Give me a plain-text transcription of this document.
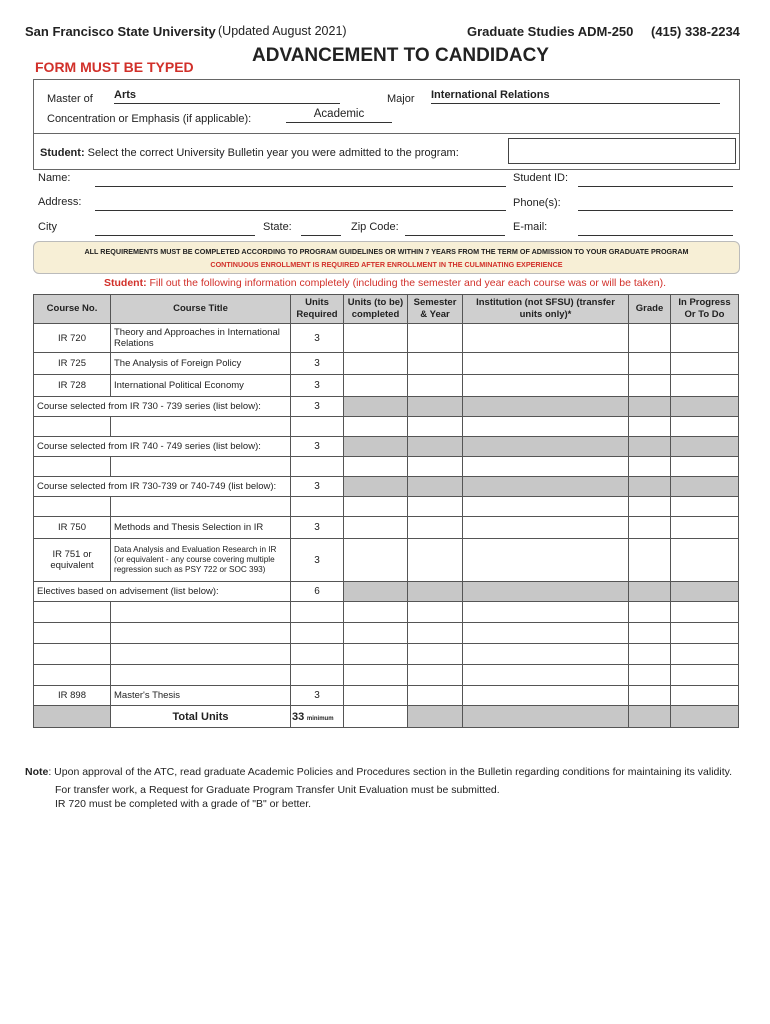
San Francisco State University (Updated August 2021)	Graduate Studies ADM-250 (415) 338-2234
FORM MUST BE TYPED
ADVANCEMENT TO CANDIDACY
Master of Arts	Major International Relations
Concentration or Emphasis (if applicable):	Academic
Student: Select the correct University Bulletin year you were admitted to the program:
Name:	Student ID:
Address:	Phone(s):
City	State:	Zip Code:	E-mail:
ALL REQUIREMENTS MUST BE COMPLETED ACCORDING TO PROGRAM GUIDELINES OR WITHIN 7 YEARS FROM THE TERM OF ADMISSION TO YOUR GRADUATE PROGRAM
CONTINUOUS ENROLLMENT IS REQUIRED AFTER ENROLLMENT IN THE CULMINATING EXPERIENCE
Student: Fill out the following information completely (including the semester and year each course was or will be taken).
Course No.	Course Title	Units Required	Units (to be) completed	Semester & Year	Institution (not SFSU) (transfer units only)*	Grade	In Progress Or To Do
IR 720	Theory and Approaches in International Relations	3					
IR 725	The Analysis of Foreign Policy	3					
IR 728	International Political Economy	3					
Course selected from IR 730 - 739 series (list below):		3					

Course selected from IR 740 - 749 series (list below):		3					

Course selected from IR 730-739 or 740-749 (list below):		3					

IR 750	Methods and Thesis Selection in IR	3					
IR 751 or equivalent	Data Analysis and Evaluation Research in IR (or equivalent - any course covering multiple regression such as PSY 722 or SOC 393)	3					
Electives based on advisement (list below):		6					

IR 898	Master's Thesis	3					
	Total Units	33 minimum					
Note: Upon approval of the ATC, read graduate Academic Policies and Procedures section in the Bulletin regarding conditions for maintaining its validity.
For transfer work, a Request for Graduate Program Transfer Unit Evaluation must be submitted.
IR 720 must be completed with a grade of "B" or better.
